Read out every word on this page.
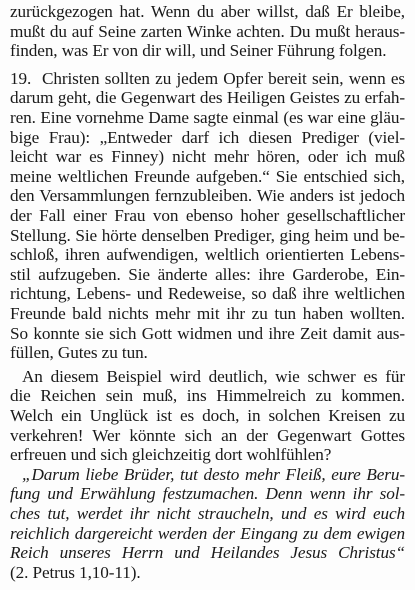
zurückgezogen hat. Wenn du aber willst, daß Er bleibe,
mußt du auf Seine zarten Winke achten. Du mußt heraus-
finden, was Er von dir will, und Seiner Führung folgen.
19. Christen sollten zu jedem Opfer bereit sein, wenn es
darum geht, die Gegenwart des Heiligen Geistes zu erfah-
ren. Eine vornehme Dame sagte einmal (es war eine gläu-
bige Frau): „Entweder darf ich diesen Prediger (viel-
leicht war es Finney) nicht mehr hören, oder ich muß
meine weltlichen Freunde aufgeben.“ Sie entschied sich,
den Versammlungen fernzubleiben. Wie anders ist jedoch
der Fall einer Frau von ebenso hoher gesellschaftlicher
Stellung. Sie hörte denselben Prediger, ging heim und be-
schloß, ihren aufwendigen, weltlich orientierten Lebens-
stil aufzugeben. Sie änderte alles: ihre Garderobe, Ein-
richtung, Lebens- und Redeweise, so daß ihre weltlichen
Freunde bald nichts mehr mit ihr zu tun haben wollten.
So konnte sie sich Gott widmen und ihre Zeit damit aus-
füllen, Gutes zu tun.
An diesem Beispiel wird deutlich, wie schwer es für
die Reichen sein muß, ins Himmelreich zu kommen.
Welch ein Unglück ist es doch, in solchen Kreisen zu
verkehren! Wer könnte sich an der Gegenwart Gottes
erfreuen und sich gleichzeitig dort wohlfühlen?
„Darum liebe Brüder, tut desto mehr Fleiß, eure Beru-
fung und Erwählung festzumachen. Denn wenn ihr sol-
ches tut, werdet ihr nicht straucheln, und es wird euch
reichlich dargereicht werden der Eingang zu dem ewigen
Reich unseres Herrn und Heilandes Jesus Christus“
(2. Petrus 1,10-11).
